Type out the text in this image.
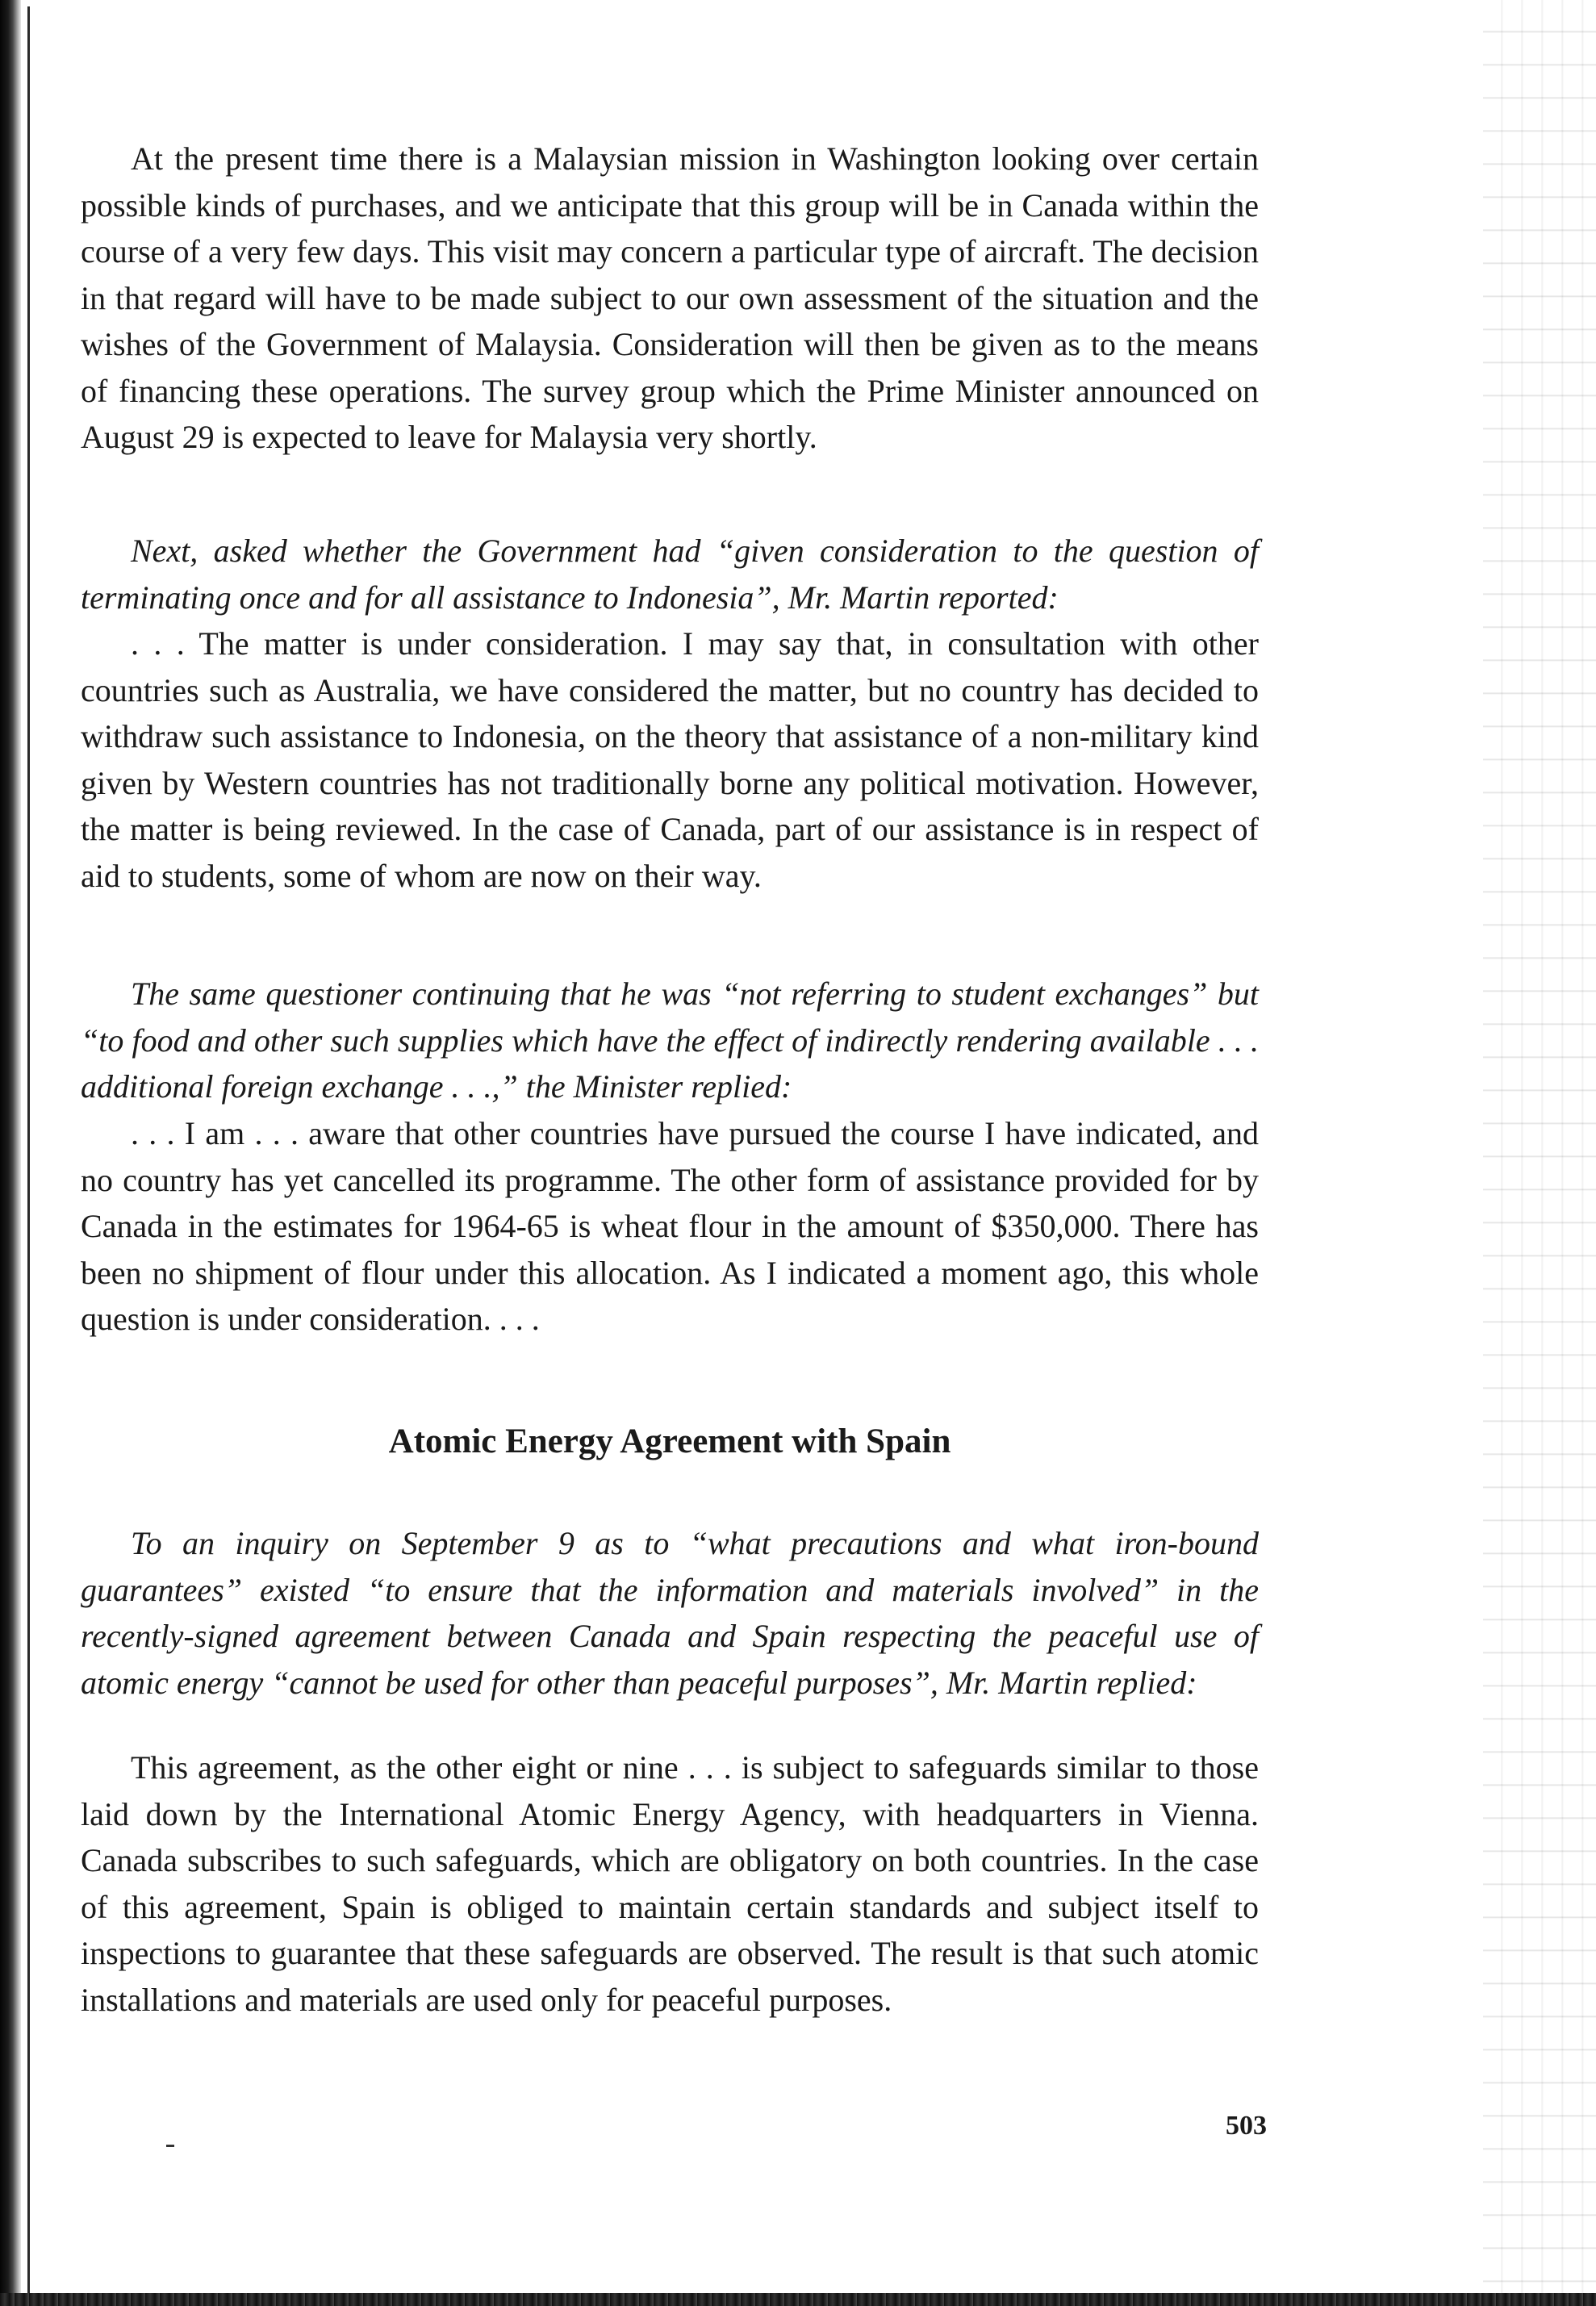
At the present time there is a Malaysian mission in Washington looking over certain possible kinds of purchases, and we anticipate that this group will be in Canada within the course of a very few days. This visit may concern a particular type of aircraft. The decision in that regard will have to be made subject to our own assessment of the situation and the wishes of the Government of Malaysia. Consideration will then be given as to the means of financing these operations. The survey group which the Prime Minister announced on August 29 is expected to leave for Malaysia very shortly.

Next, asked whether the Government had “given consideration to the question of terminating once and for all assistance to Indonesia”, Mr. Martin reported:

. . . The matter is under consideration. I may say that, in consultation with other countries such as Australia, we have considered the matter, but no country has decided to withdraw such assistance to Indonesia, on the theory that assistance of a non-military kind given by Western countries has not traditionally borne any political motivation. However, the matter is being reviewed. In the case of Canada, part of our assistance is in respect of aid to students, some of whom are now on their way.

The same questioner continuing that he was “not referring to student exchanges” but “to food and other such supplies which have the effect of indirectly rendering available . . . additional foreign exchange . . .,” the Minister replied:

. . . I am . . . aware that other countries have pursued the course I have indicated, and no country has yet cancelled its programme. The other form of assistance provided for by Canada in the estimates for 1964-65 is wheat flour in the amount of $350,000. There has been no shipment of flour under this allocation. As I indicated a moment ago, this whole question is under consideration. . . .

Atomic Energy Agreement with Spain

To an inquiry on September 9 as to “what precautions and what iron-bound guarantees” existed “to ensure that the information and materials involved” in the recently-signed agreement between Canada and Spain respecting the peaceful use of atomic energy “cannot be used for other than peaceful purposes”, Mr. Martin replied:

This agreement, as the other eight or nine . . . is subject to safeguards similar to those laid down by the International Atomic Energy Agency, with headquarters in Vienna. Canada subscribes to such safeguards, which are obligatory on both countries. In the case of this agreement, Spain is obliged to maintain certain standards and subject itself to inspections to guarantee that these safeguards are observed. The result is that such atomic installations and materials are used only for peaceful purposes.

503
